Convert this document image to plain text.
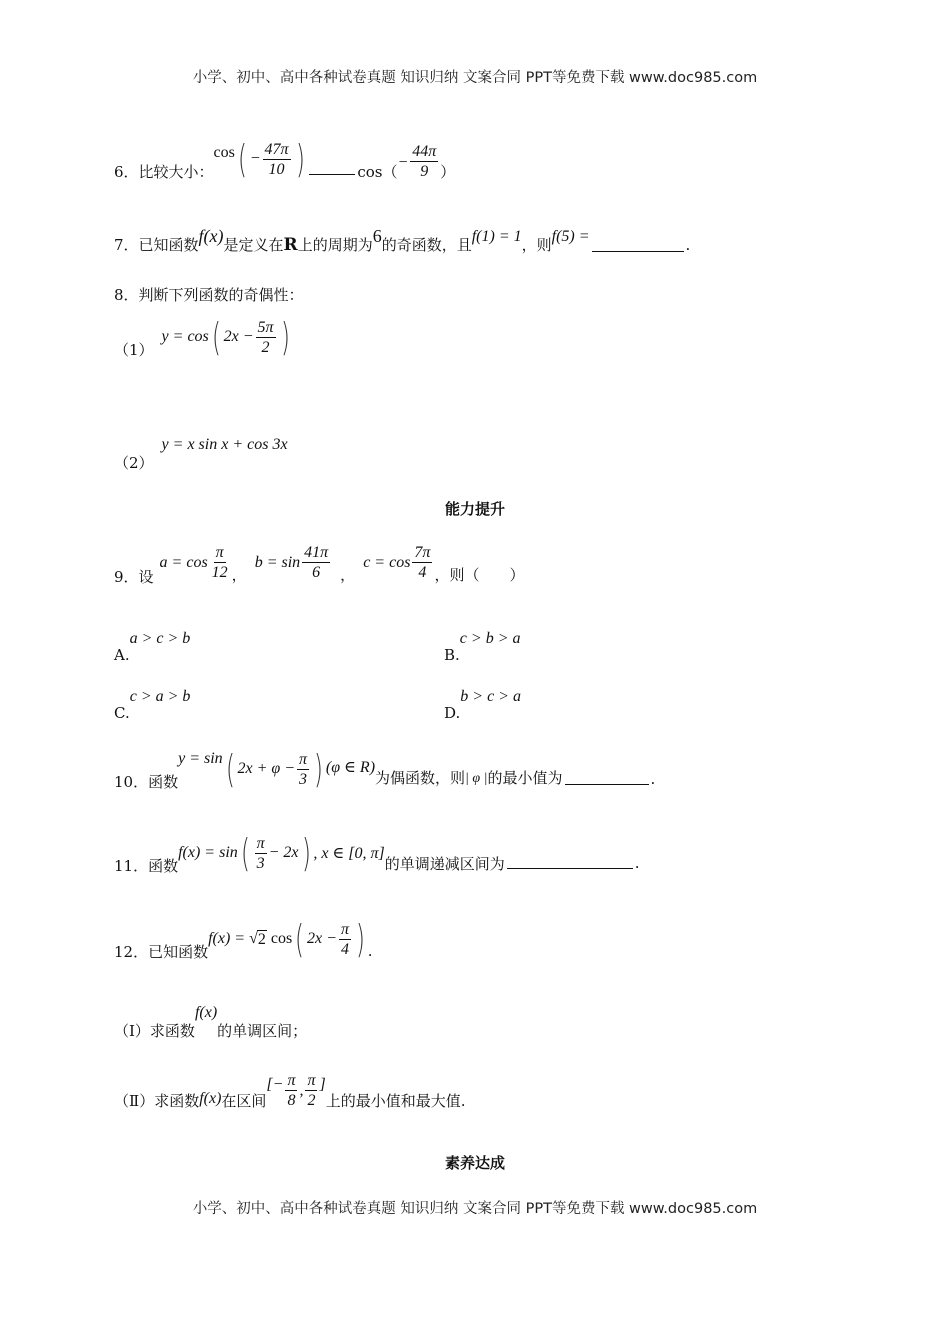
小学、初中、高中各种试卷真题 知识归纳 文案合同 PPT等免费下载 www.doc985.com
6．比较大小：
cos ( − $\frac{47\pi}{10}$ )	$\cos( - \frac{44\pi}{9}$ ）
7．已知函数 f(x) 是定义在 R 上的周期为 6 的奇函数，且 f(1) = 1 ，则 f(5) =	.
8．判断下列函数的奇偶性：
（1）
y = cos ( $2x - \frac{5\pi}{2}$ )
（2）
y = x sin x + cos 3x
能力提升
9．设
$a = \cos \frac{\pi}{12}$ ，
$b = \sin \frac{41\pi}{6}$ ，
$c = \cos \frac{7\pi}{4}$ ，则（　　）
A.
a > c > b
B.
c > b > a
C.
c > a > b
D.
b > c > a
10．函数
y = sin ( $2x + \varphi - \frac{\pi}{3}$ ) (φ ∈ R)
为偶函数，则 | φ | 的最小值为	.
11．函数
f(x) = sin ( $\frac{\pi}{3} - 2x$ ) , x ∈ [0, π]
的单调递减区间为	.
12．已知函数
f(x) = √ 2 cos ( $2x - \frac{\pi}{4}$ ) .
（Ⅰ）求函数
f(x)
的单调区间；
（Ⅱ）求函数 f(x) 在区间
[− $\frac{\pi}{8}$ , $\frac{\pi}{2}$ ]
上的最小值和最大值.
素养达成
小学、初中、高中各种试卷真题 知识归纳 文案合同 PPT等免费下载 www.doc985.com
